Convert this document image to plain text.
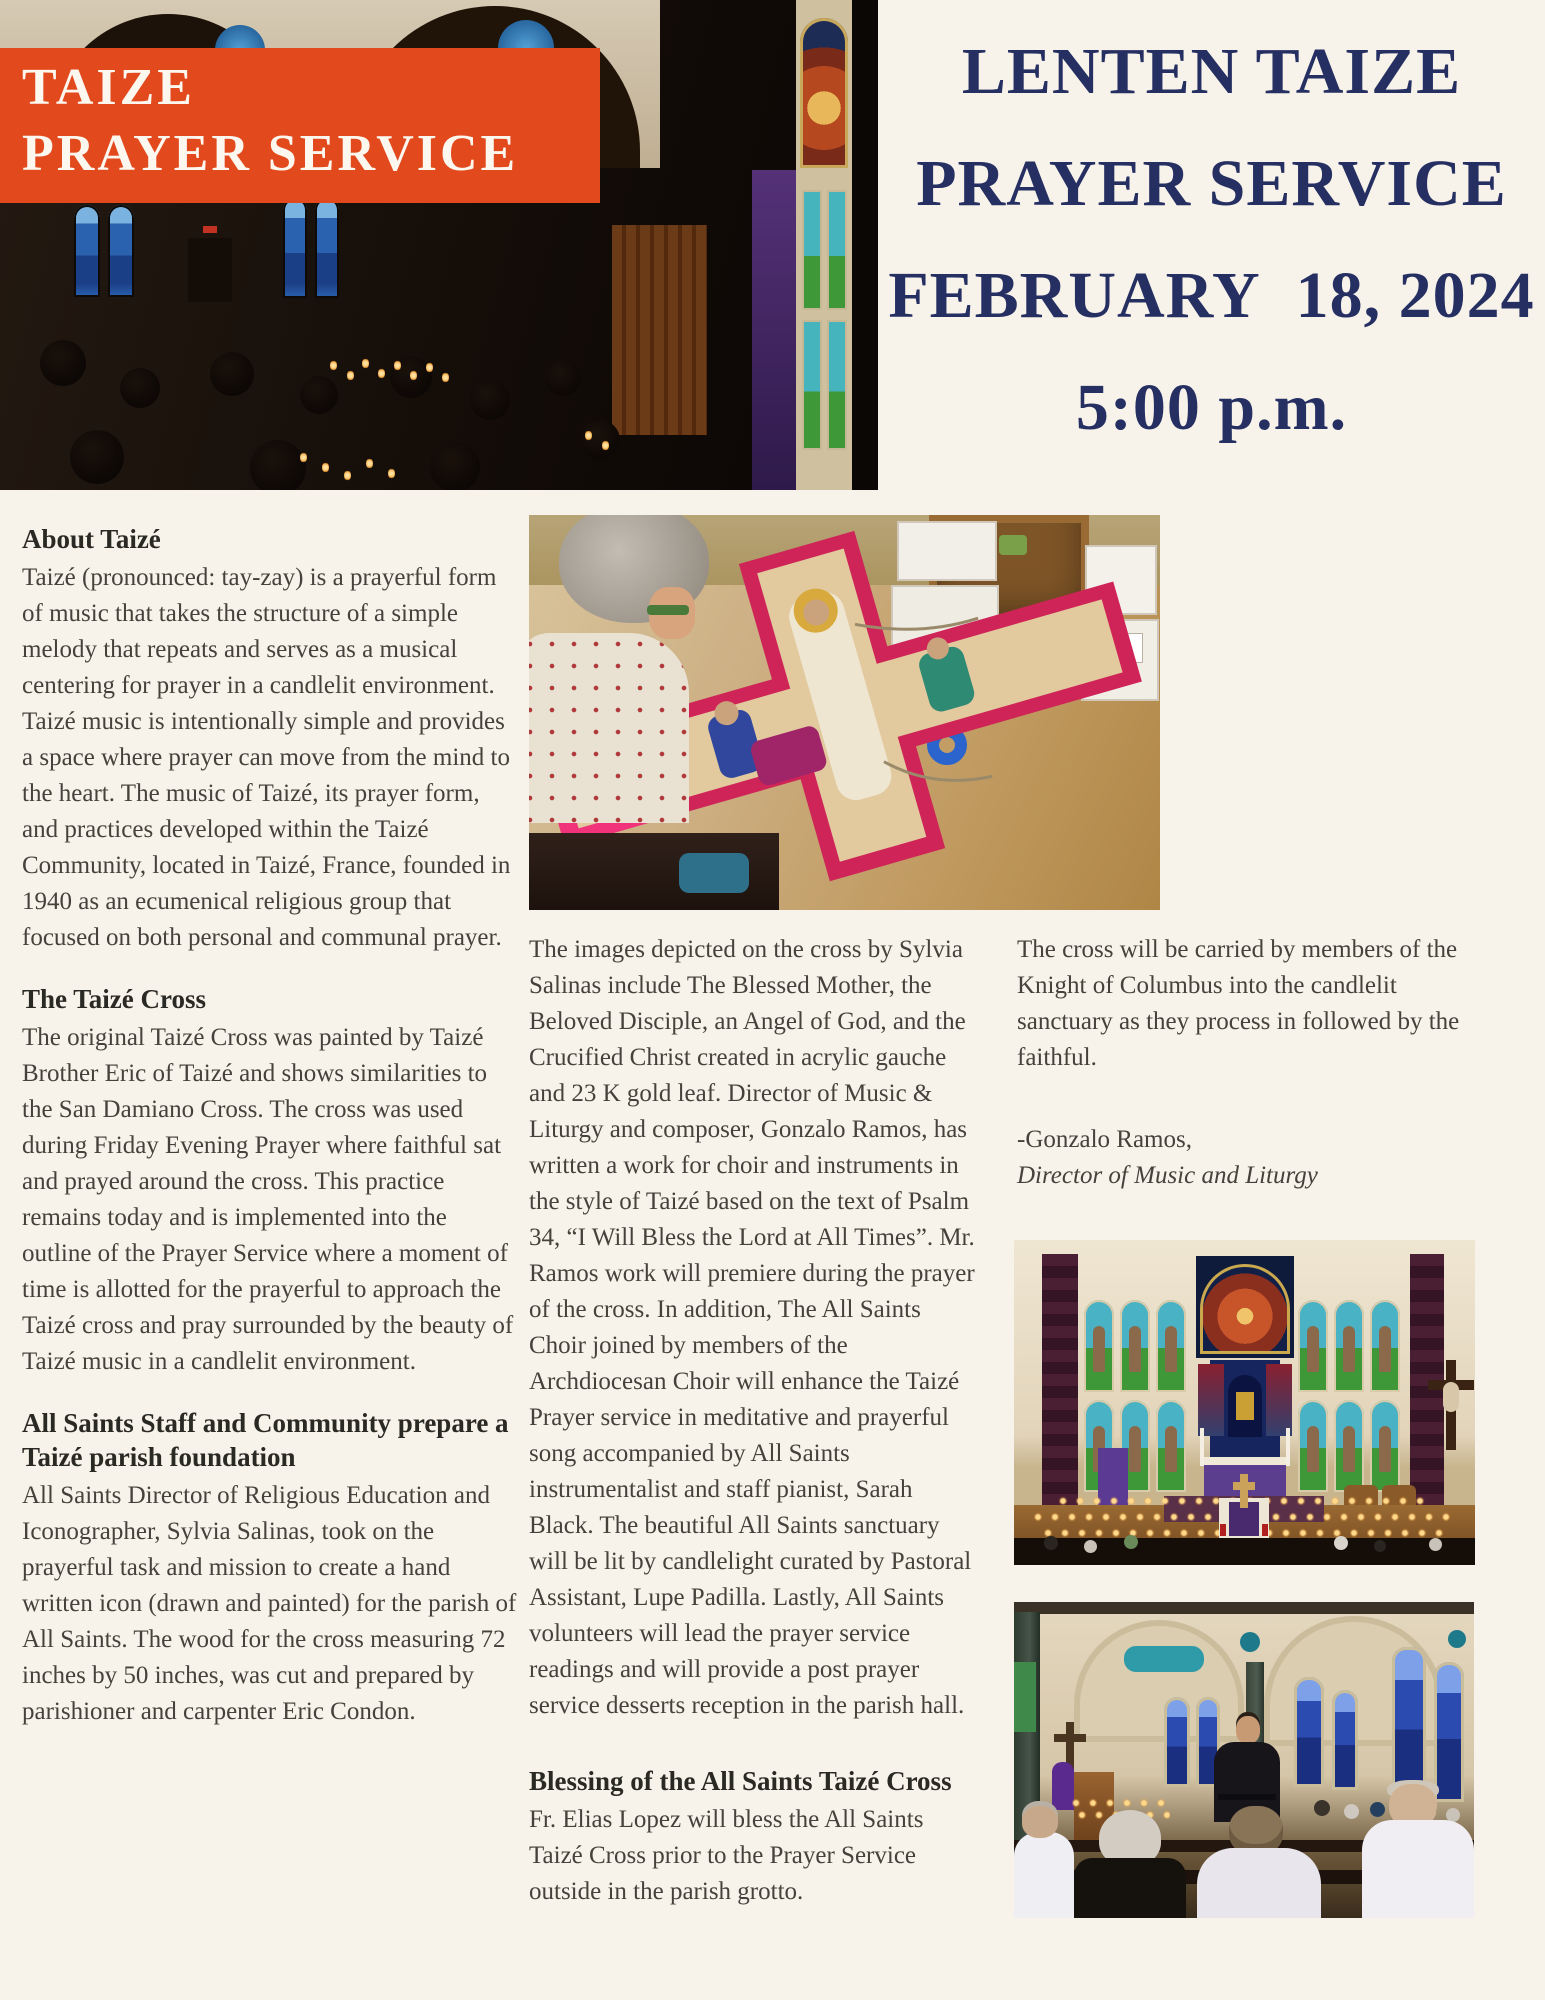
TAIZE
PRAYER SERVICE
LENTEN TAIZE
PRAYER SERVICE
FEBRUARY  18, 2024
5:00 p.m.
About Taizé

Taizé (pronounced: tay-zay) is a prayerful form of music that takes the structure of a simple melody that repeats and serves as a musical centering for prayer in a candlelit environment. Taizé music is intentionally simple and provides a space where prayer can move from the mind to the heart. The music of Taizé, its prayer form, and practices developed within the Taizé Community, located in Taizé, France, founded in 1940 as an ecumenical religious group that focused on both personal and communal prayer.

The Taizé Cross

The original Taizé Cross was painted by Taizé Brother Eric of Taizé and shows similarities to the San Damiano Cross. The cross was used during Friday Evening Prayer where faithful sat and prayed around the cross. This practice remains today and is implemented into the outline of the Prayer Service where a moment of time is allotted for the prayerful to approach the Taizé cross and pray surrounded by the beauty of Taizé music in a candlelit environment.

All Saints Staff and Community prepare a Taizé parish foundation

All Saints Director of Religious Education and Iconographer, Sylvia Salinas, took on the prayerful task and mission to create a hand written icon (drawn and painted) for the parish of All Saints. The wood for the cross measuring 72 inches by 50 inches, was cut and prepared by parishioner and carpenter Eric Condon.

The images depicted on the cross by Sylvia Salinas include The Blessed Mother, the Beloved Disciple, an Angel of God, and the Crucified Christ created in acrylic gauche and 23 K gold leaf. Director of Music & Liturgy and composer, Gonzalo Ramos, has written a work for choir and instruments in the style of Taizé based on the text of Psalm 34, “I Will Bless the Lord at All Times”. Mr. Ramos work will premiere during the prayer of the cross. In addition, The All Saints Choir joined by members of the Archdiocesan Choir will enhance the Taizé Prayer service in meditative and prayerful song accompanied by All Saints instrumentalist and staff pianist, Sarah Black. The beautiful All Saints sanctuary will be lit by candlelight curated by Pastoral Assistant, Lupe Padilla. Lastly, All Saints volunteers will lead the prayer service readings and will provide a post prayer service desserts reception in the parish hall.

Blessing of the All Saints Taizé Cross

Fr. Elias Lopez will bless the All Saints Taizé Cross prior to the Prayer Service outside in the parish grotto.

The cross will be carried by members of the Knight of Columbus into the candlelit sanctuary as they process in followed by the faithful.

-Gonzalo Ramos,

Director of Music and Liturgy
